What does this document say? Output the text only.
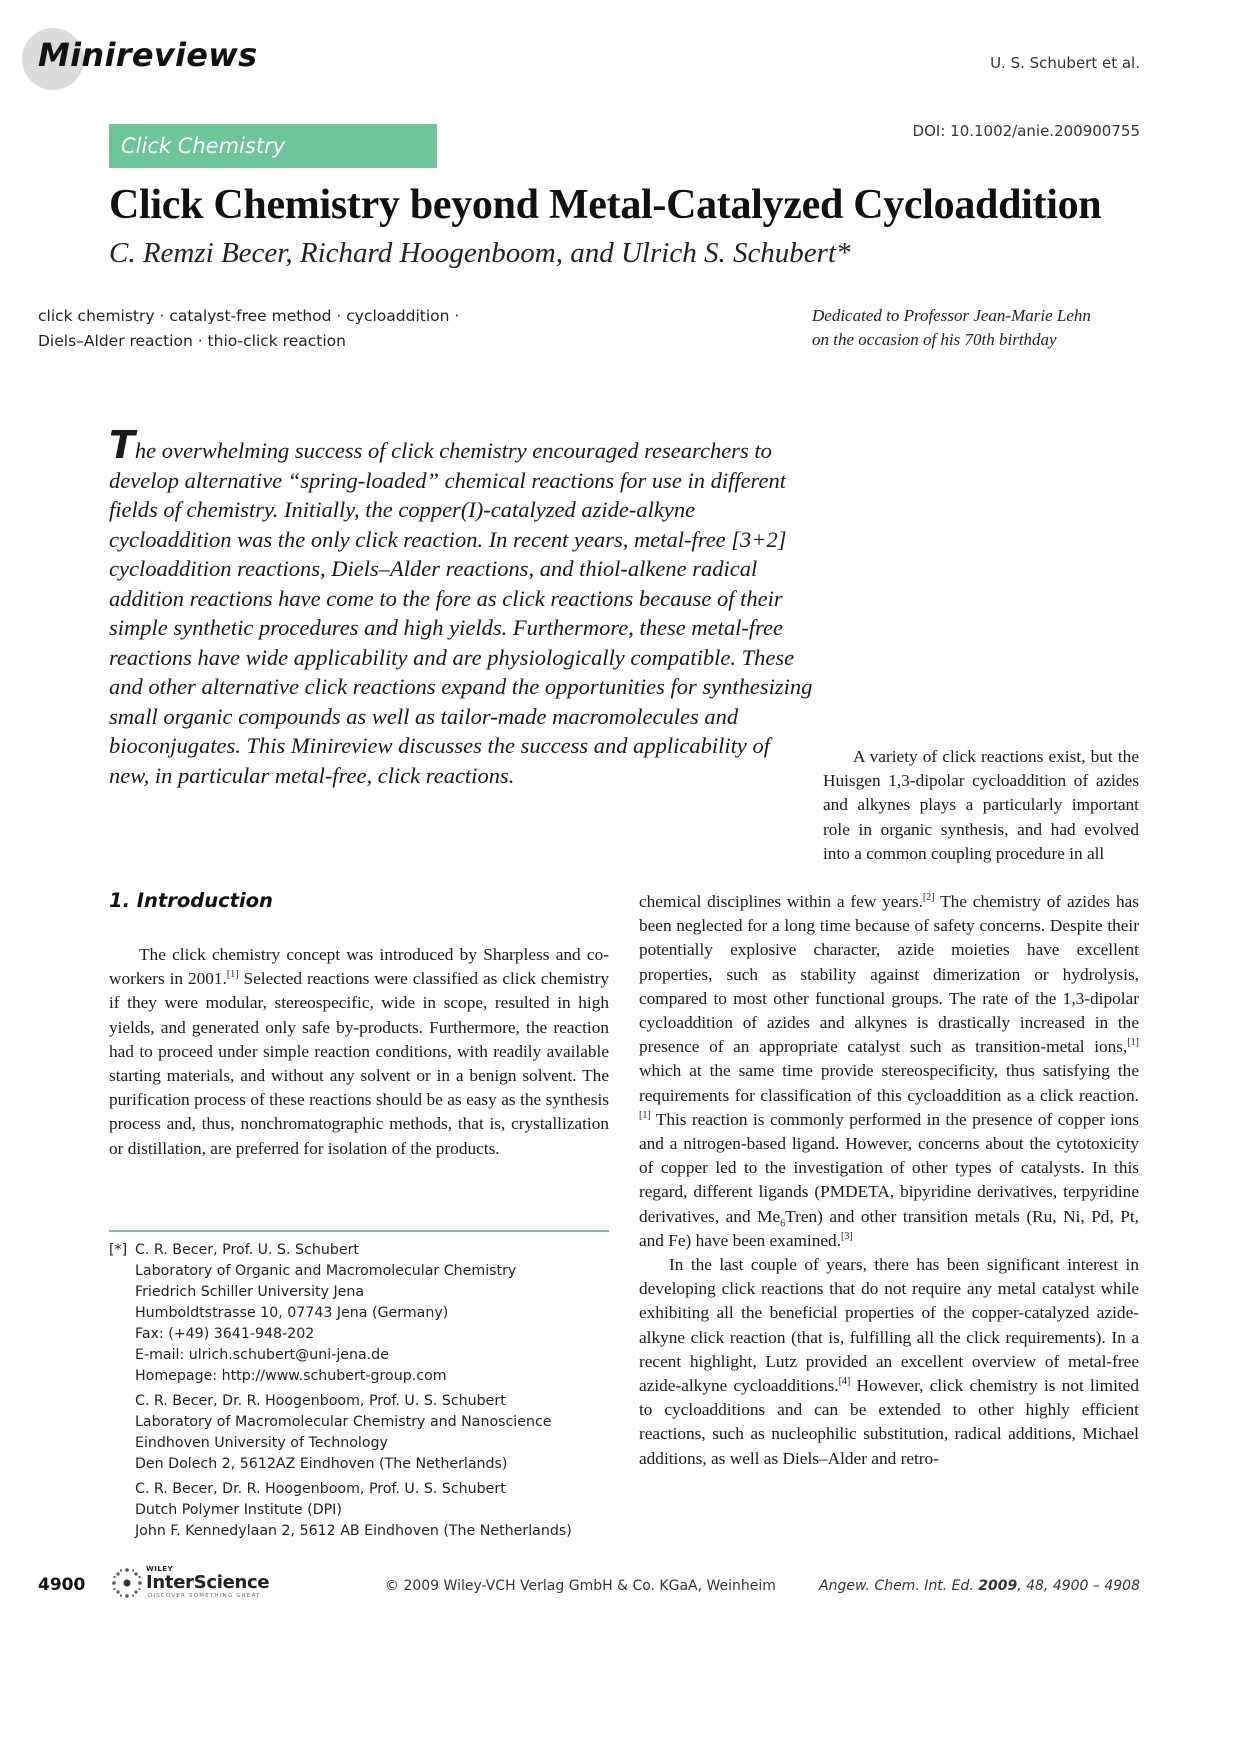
Minireviews	U. S. Schubert et al.
Click Chemistry
DOI: 10.1002/anie.200900755
Click Chemistry beyond Metal-Catalyzed Cycloaddition
C. Remzi Becer, Richard Hoogenboom, and Ulrich S. Schubert*
click chemistry · catalyst-free method · cycloaddition ·
Diels–Alder reaction · thio-click reaction
Dedicated to Professor Jean-Marie Lehn
on the occasion of his 70th birthday
The overwhelming success of click chemistry encouraged researchers to develop alternative “spring-loaded” chemical reactions for use in different fields of chemistry. Initially, the copper(I)-catalyzed azide-alkyne cycloaddition was the only click reaction. In recent years, metal-free [3+2] cycloaddition reactions, Diels–Alder reactions, and thiol-alkene radical addition reactions have come to the fore as click reactions because of their simple synthetic procedures and high yields. Furthermore, these metal-free reactions have wide applicability and are physiologically compatible. These and other alternative click reactions expand the opportunities for synthesizing small organic compounds as well as tailor-made macromolecules and bioconjugates. This Minireview discusses the success and applicability of new, in particular metal-free, click reactions.

A variety of click reactions exist, but the Huisgen 1,3-dipolar cycloaddition of azides and alkynes plays a particularly important role in organic synthesis, and had evolved into a common coupling procedure in all

chemical disciplines within a few years.[2] The chemistry of azides has been neglected for a long time because of safety concerns. Despite their potentially explosive character, azide moieties have excellent properties, such as stability against dimerization or hydrolysis, compared to most other functional groups. The rate of the 1,3-dipolar cycloaddition of azides and alkynes is drastically increased in the presence of an appropriate catalyst such as transition-metal ions,[1] which at the same time provide stereospecificity, thus satisfying the requirements for classification of this cycloaddition as a click reaction.[1] This reaction is commonly performed in the presence of copper ions and a nitrogen-based ligand. However, concerns about the cytotoxicity of copper led to the investigation of other types of catalysts. In this regard, different ligands (PMDETA, bipyridine derivatives, terpyridine derivatives, and $Me_6Tren$) and other transition metals (Ru, Ni, Pd, Pt, and Fe) have been examined.[3]

In the last couple of years, there has been significant interest in developing click reactions that do not require any metal catalyst while exhibiting all the beneficial properties of the copper-catalyzed azide-alkyne click reaction (that is, fulfilling all the click requirements). In a recent highlight, Lutz provided an excellent overview of metal-free azide-alkyne cycloadditions.[4] However, click chemistry is not limited to cycloadditions and can be extended to other highly efficient reactions, such as nucleophilic substitution, radical additions, Michael additions, as well as Diels–Alder and retro-

1. Introduction

The click chemistry concept was introduced by Sharpless and co-workers in 2001.[1] Selected reactions were classified as click chemistry if they were modular, stereospecific, wide in scope, resulted in high yields, and generated only safe by-products. Furthermore, the reaction had to proceed under simple reaction conditions, with readily available starting materials, and without any solvent or in a benign solvent. The purification process of these reactions should be as easy as the synthesis process and, thus, nonchromatographic methods, that is, crystallization or distillation, are preferred for isolation of the products.

[*] C. R. Becer, Prof. U. S. Schubert
Laboratory of Organic and Macromolecular Chemistry
Friedrich Schiller University Jena
Humboldtstrasse 10, 07743 Jena (Germany)
Fax: (+49) 3641-948-202
E-mail: ulrich.schubert@uni-jena.de
Homepage: http://www.schubert-group.com
C. R. Becer, Dr. R. Hoogenboom, Prof. U. S. Schubert
Laboratory of Macromolecular Chemistry and Nanoscience
Eindhoven University of Technology
Den Dolech 2, 5612AZ Eindhoven (The Netherlands)
C. R. Becer, Dr. R. Hoogenboom, Prof. U. S. Schubert
Dutch Polymer Institute (DPI)
John F. Kennedylaan 2, 5612 AB Eindhoven (The Netherlands)
4900
WILEY
InterScience
DISCOVER SOMETHING GREAT
© 2009 Wiley-VCH Verlag GmbH & Co. KGaA, Weinheim	Angew. Chem. Int. Ed. 2009, 48, 4900 – 4908
